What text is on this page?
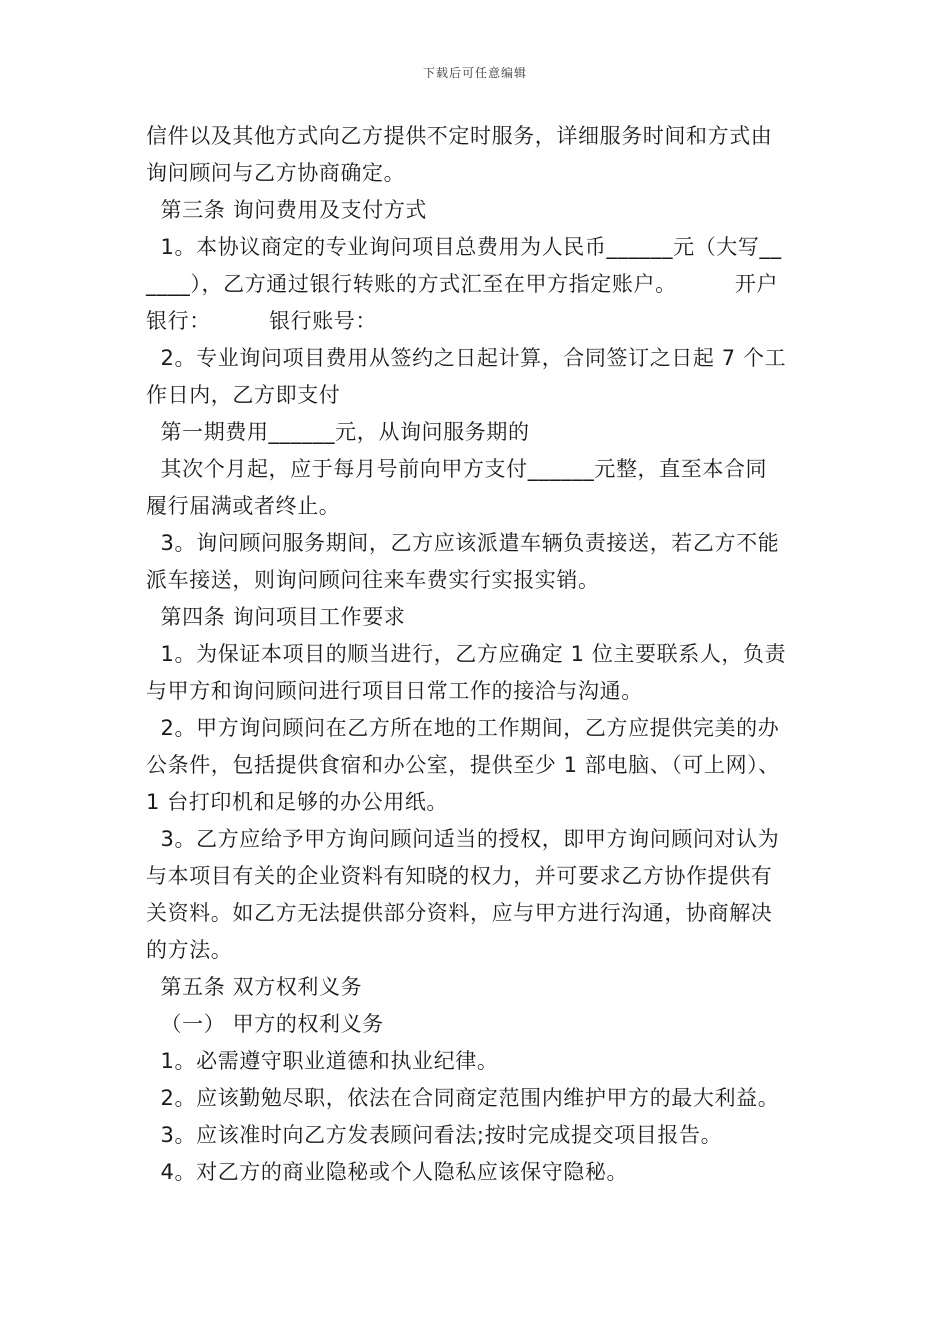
下载后可任意编辑
信件以及其他方式向乙方提供不定时服务，详细服务时间和方式由
询问顾问与乙方协商确定。
第三条 询问费用及支付方式
1。本协议商定的专业询问项目总费用为人民币______元（大写__
____），乙方通过银行转账的方式汇至在甲方指定账户。        开户
银行：        银行账号：
2。专业询问项目费用从签约之日起计算，合同签订之日起 7 个工
作日内，乙方即支付
第一期费用______元，从询问服务期的
其次个月起，应于每月号前向甲方支付______元整，直至本合同
履行届满或者终止。
3。询问顾问服务期间，乙方应该派遣车辆负责接送，若乙方不能
派车接送，则询问顾问往来车费实行实报实销。
第四条 询问项目工作要求
1。为保证本项目的顺当进行，乙方应确定 1 位主要联系人，负责
与甲方和询问顾问进行项目日常工作的接洽与沟通。
2。甲方询问顾问在乙方所在地的工作期间，乙方应提供完美的办
公条件，包括提供食宿和办公室，提供至少 1 部电脑、（可上网）、
1 台打印机和足够的办公用纸。
3。乙方应给予甲方询问顾问适当的授权，即甲方询问顾问对认为
与本项目有关的企业资料有知晓的权力，并可要求乙方协作提供有
关资料。如乙方无法提供部分资料，应与甲方进行沟通，协商解决
的方法。
第五条 双方权利义务
（一） 甲方的权利义务
1。必需遵守职业道德和执业纪律。
2。应该勤勉尽职，依法在合同商定范围内维护甲方的最大利益。
3。应该准时向乙方发表顾问看法;按时完成提交项目报告。
4。对乙方的商业隐秘或个人隐私应该保守隐秘。
